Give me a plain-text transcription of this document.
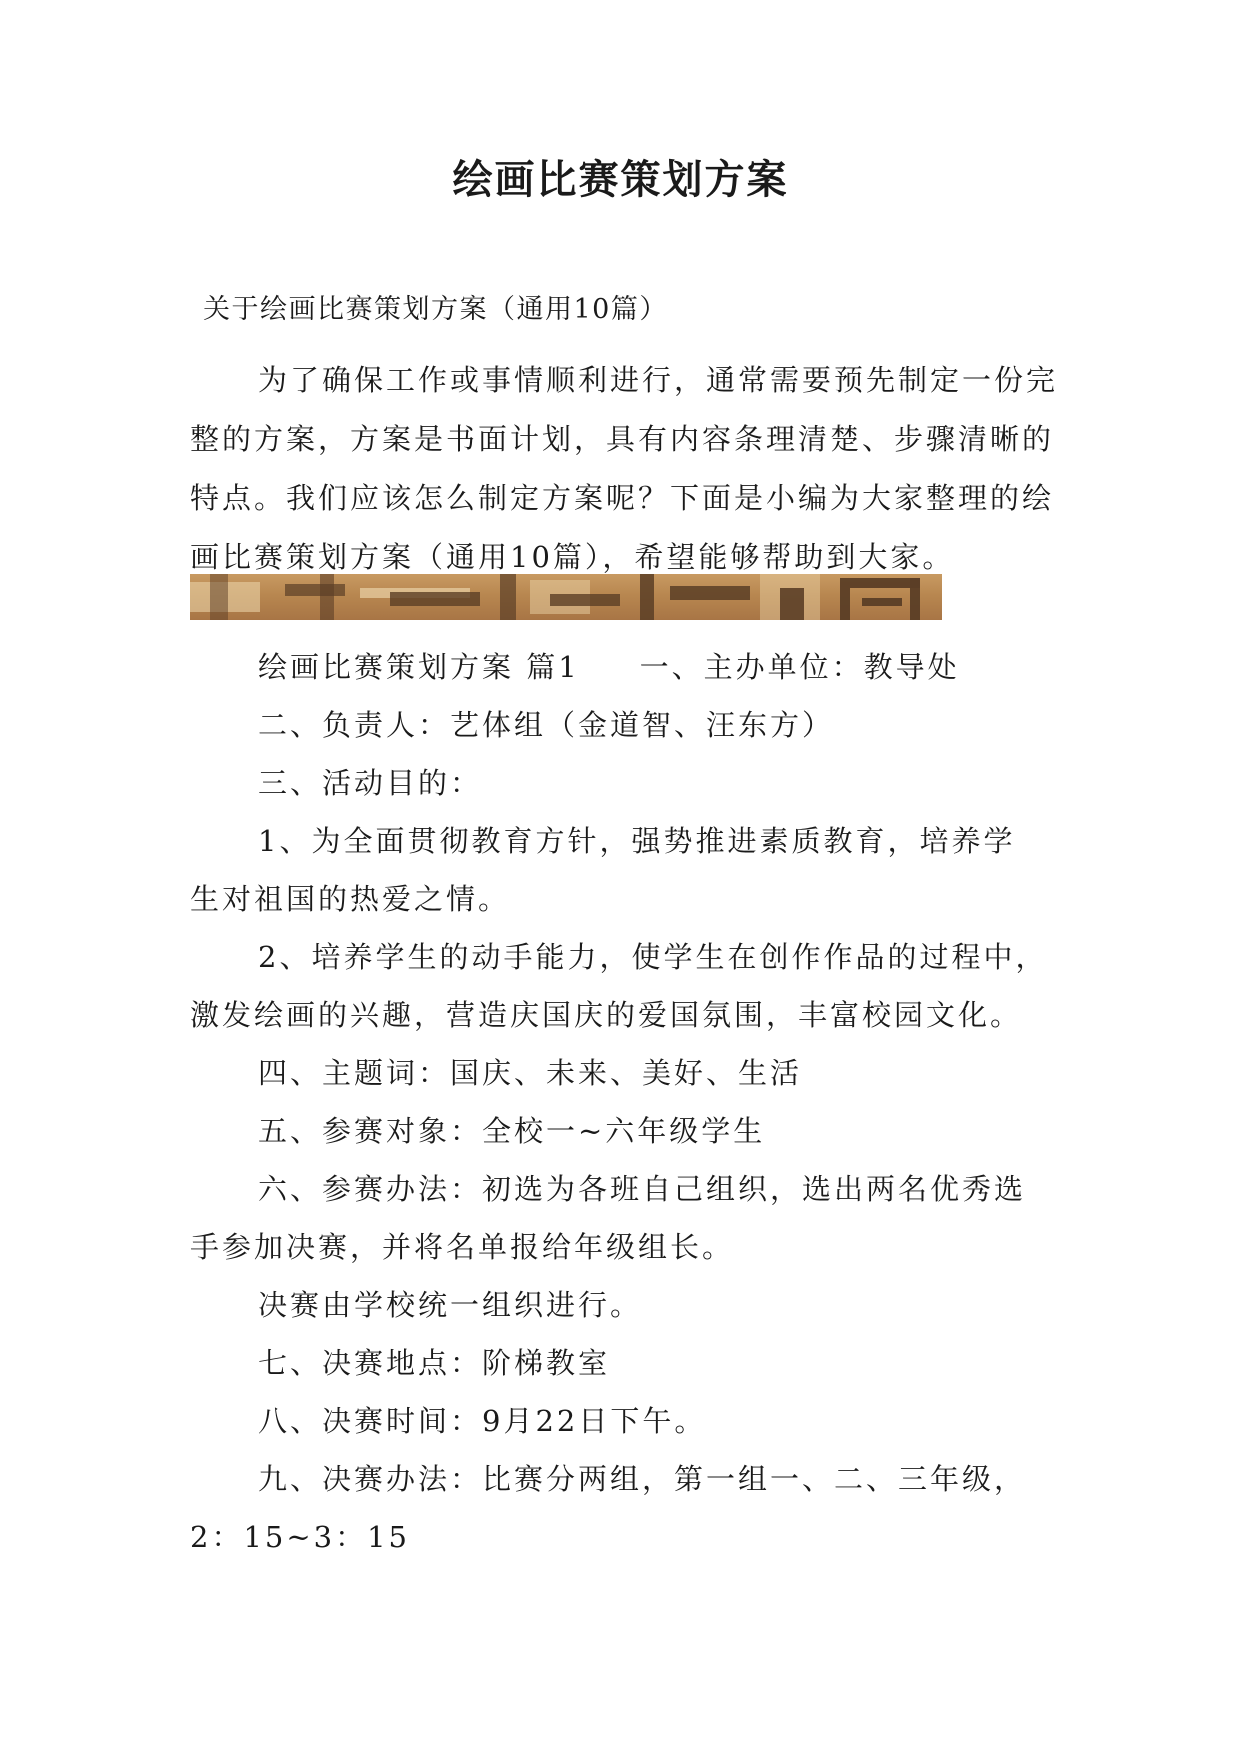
绘画比赛策划方案

关于绘画比赛策划方案（通用10篇）

为了确保工作或事情顺利进行，通常需要预先制定一份完整的方案，方案是书面计划，具有内容条理清楚、步骤清晰的特点。我们应该怎么制定方案呢？下面是小编为大家整理的绘画比赛策划方案（通用10篇），希望能够帮助到大家。

绘画比赛策划方案 篇1 一、主办单位：教导处

二、负责人：艺体组（金道智、汪东方）

三、活动目的：

1、为全面贯彻教育方针，强势推进素质教育，培养学

生对祖国的热爱之情。

2、培养学生的动手能力，使学生在创作作品的过程中，

激发绘画的兴趣，营造庆国庆的爱国氛围，丰富校园文化。

四、主题词：国庆、未来、美好、生活

五、参赛对象：全校一~六年级学生

六、参赛办法：初选为各班自己组织，选出两名优秀选

手参加决赛，并将名单报给年级组长。

决赛由学校统一组织进行。

七、决赛地点：阶梯教室

八、决赛时间：9月22日下午。

九、决赛办法：比赛分两组，第一组一、二、三年级，

2：15~3：15
